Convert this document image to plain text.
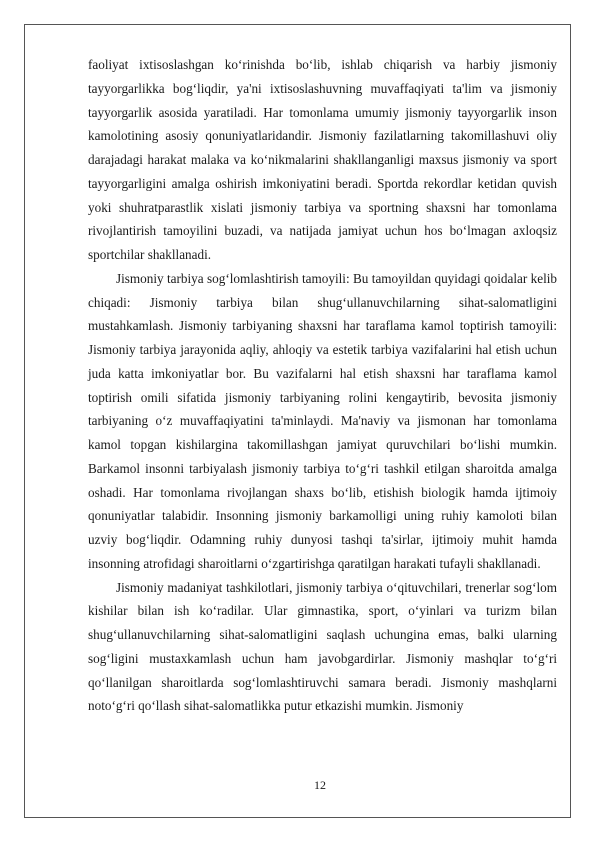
faoliyat ixtisoslashgan ko‘rinishda bo‘lib, ishlab chiqarish va harbiy jismoniy tayyorgarlikka bog‘liqdir, ya'ni ixtisoslashuvning muvaffaqiyati ta'lim va jismoniy tayyorgarlik asosida yaratiladi. Har tomonlama umumiy jismoniy tayyorgarlik inson kamolotining asosiy qonuniyatlaridandir. Jismoniy fazilatlarning takomillashuvi oliy darajadagi harakat malaka va ko‘nikmalarini shakllanganligi maxsus jismoniy va sport tayyorgarligini amalga oshirish imkoniyatini beradi. Sportda rekordlar ketidan quvish yoki shuhratparastlik xislati jismoniy tarbiya va sportning shaxsni har tomonlama rivojlantirish tamoyilini buzadi, va natijada jamiyat uchun hos bo‘lmagan axloqsiz sportchilar shakllanadi.

Jismoniy tarbiya sog‘lomlashtirish tamoyili: Bu tamoyildan quyidagi qoidalar kelib chiqadi: Jismoniy tarbiya bilan shug‘ullanuvchilarning sihat-salomatligini mustahkamlash. Jismoniy tarbiyaning shaxsni har taraflama kamol toptirish tamoyili: Jismoniy tarbiya jarayonida aqliy, ahloqiy va estetik tarbiya vazifalarini hal etish uchun juda katta imkoniyatlar bor. Bu vazifalarni hal etish shaxsni har taraflama kamol toptirish omili sifatida jismoniy tarbiyaning rolini kengaytirib, bevosita jismoniy tarbiyaning o‘z muvaffaqiyatini ta'minlaydi. Ma'naviy va jismonan har tomonlama kamol topgan kishilargina takomillashgan jamiyat quruvchilari bo‘lishi mumkin. Barkamol insonni tarbiyalash jismoniy tarbiya to‘g‘ri tashkil etilgan sharoitda amalga oshadi. Har tomonlama rivojlangan shaxs bo‘lib, etishish biologik hamda ijtimoiy qonuniyatlar talabidir. Insonning jismoniy barkamolligi uning ruhiy kamoloti bilan uzviy bog‘liqdir. Odamning ruhiy dunyosi tashqi ta'sirlar, ijtimoiy muhit hamda insonning atrofidagi sharoitlarni o‘zgartirishga qaratilgan harakati tufayli shakllanadi.

Jismoniy madaniyat tashkilotlari, jismoniy tarbiya o‘qituvchilari, trenerlar sog‘lom kishilar bilan ish ko‘radilar. Ular gimnastika, sport, o‘yinlari va turizm bilan shug‘ullanuvchilarning sihat-salomatligini saqlash uchungina emas, balki ularning sog‘ligini mustaxkamlash uchun ham javobgardirlar. Jismoniy mashqlar to‘g‘ri qo‘llanilgan sharoitlarda sog‘lomlashtiruvchi samara beradi. Jismoniy mashqlarni noto‘g‘ri qo‘llash sihat-salomatlikka putur etkazishi mumkin. Jismoniy

12
